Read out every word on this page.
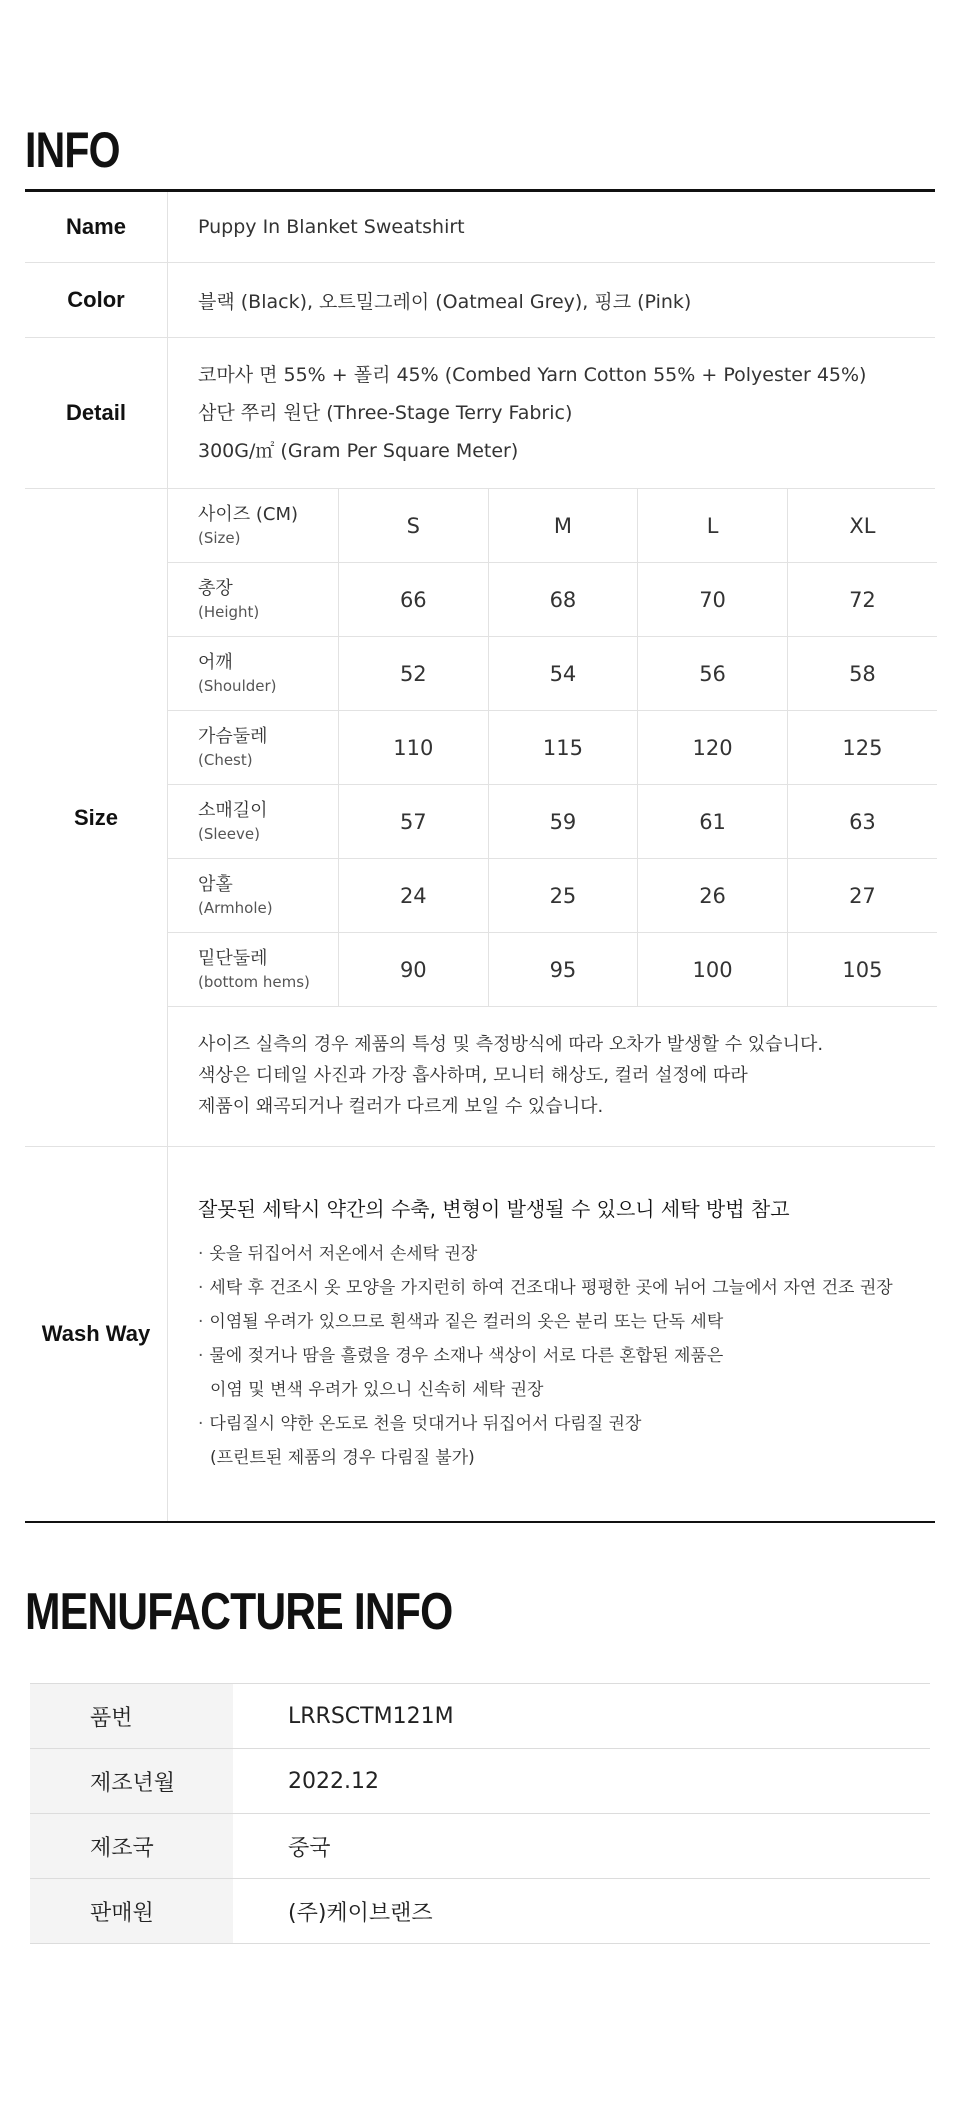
INFO
Name	Puppy In Blanket Sweatshirt
Color	블랙 (Black), 오트밀그레이 (Oatmeal Grey), 핑크 (Pink)
Detail	
코마사 면 55% + 폴리 45% (Combed Yarn Cotton 55% + Polyester 45%)
삼단 쭈리 원단 (Three-Stage Terry Fabric)
300G/㎡ (Gram Per Square Meter)

Size	
사이즈 (CM)
(Size)	S	M	L	XL

총장
(Height)	66	68	70	72

어깨
(Shoulder)	52	54	56	58

가슴둘레
(Chest)	110	115	120	125

소매길이
(Sleeve)	57	59	61	63

암홀
(Armhole)	24	25	26	27

밑단둘레
(bottom hems)	90	95	100	105
사이즈 실측의 경우 제품의 특성 및 측정방식에 따라 오차가 발생할 수 있습니다.
색상은 디테일 사진과 가장 흡사하며, 모니터 해상도, 컬러 설정에 따라
제품이 왜곡되거나 컬러가 다르게 보일 수 있습니다.

Wash Way	
잘못된 세탁시 약간의 수축, 변형이 발생될 수 있으니 세탁 방법 참고
· 옷을 뒤집어서 저온에서 손세탁 권장
· 세탁 후 건조시 옷 모양을 가지런히 하여 건조대나 평평한 곳에 뉘어 그늘에서 자연 건조 권장
· 이염될 우려가 있으므로 흰색과 짙은 컬러의 옷은 분리 또는 단독 세탁
· 물에 젖거나 땀을 흘렸을 경우 소재나 색상이 서로 다른 혼합된 제품은
이염 및 변색 우려가 있으니 신속히 세탁 권장
· 다림질시 약한 온도로 천을 덧대거나 뒤집어서 다림질 권장
(프린트된 제품의 경우 다림질 불가)
MENUFACTURE INFO
품번	LRRSCTM121M
제조년월	2022.12
제조국	중국
판매원	(주)케이브랜즈
